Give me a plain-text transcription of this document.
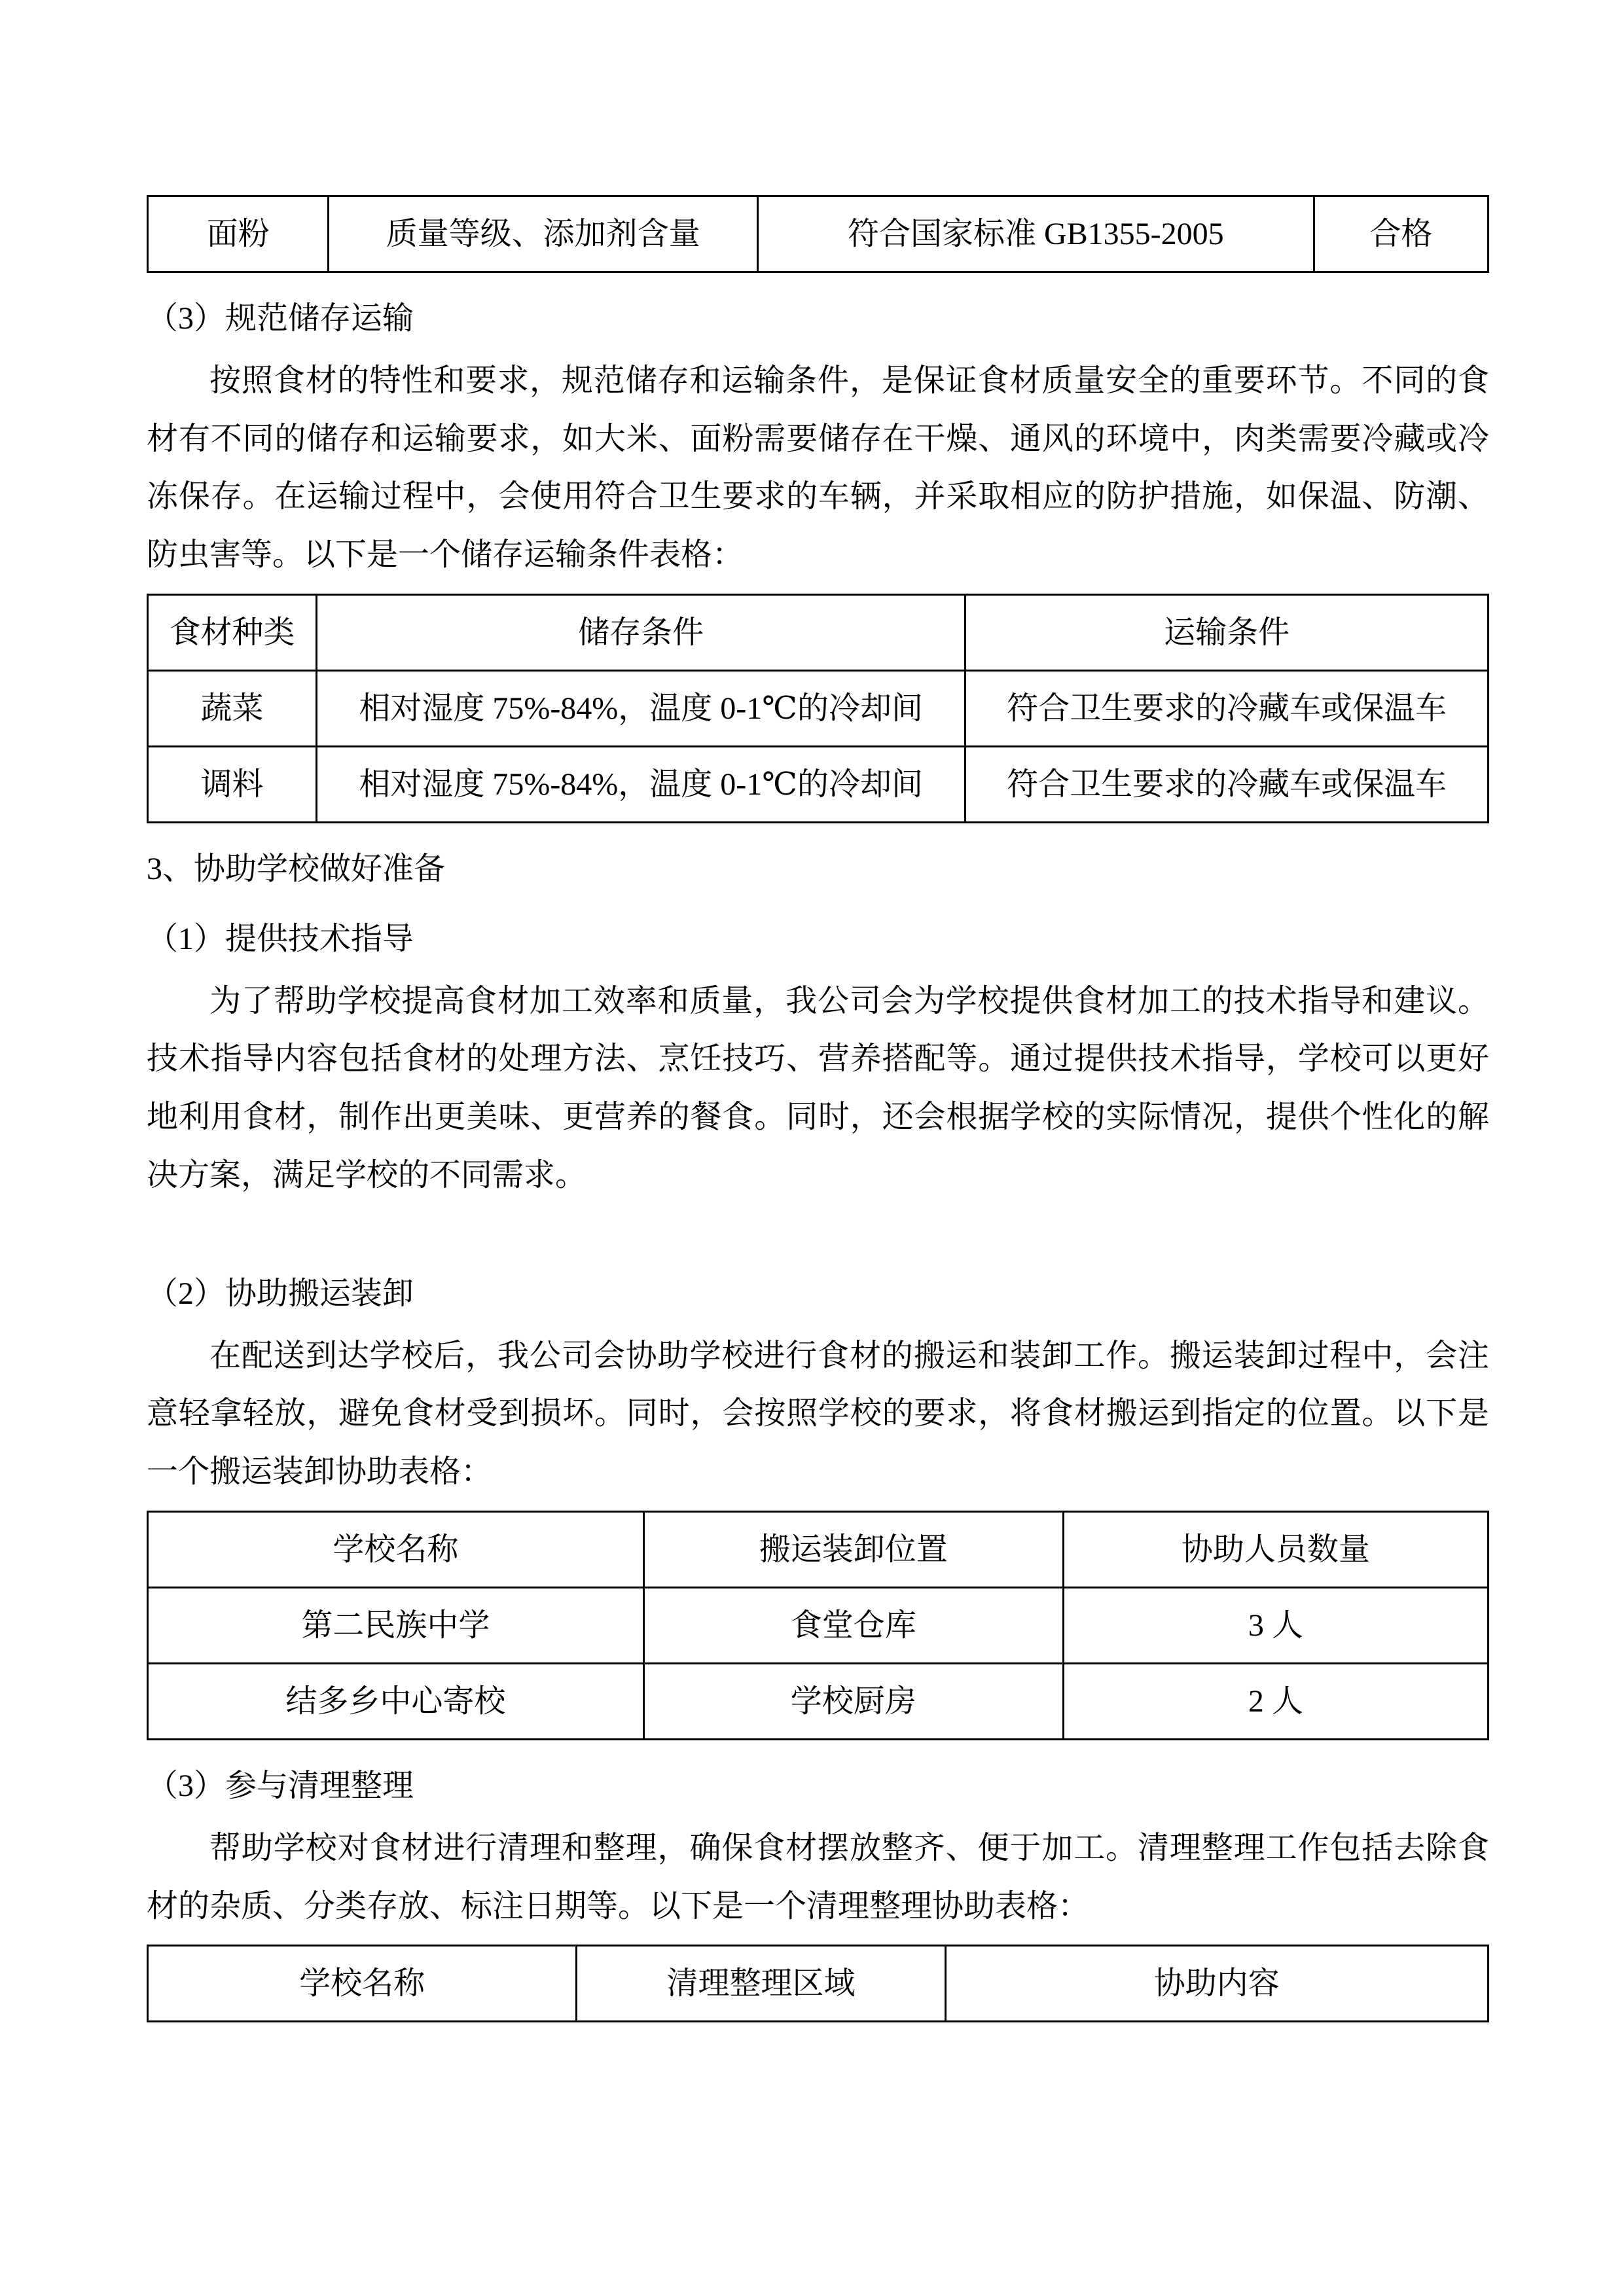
面粉	质量等级、添加剂含量	符合国家标准 GB1355-2005	合格

（3）规范储存运输

按照食材的特性和要求，规范储存和运输条件，是保证食材质量安全的重要环节。不同的食材有不同的储存和运输要求，如大米、面粉需要储存在干燥、通风的环境中，肉类需要冷藏或冷冻保存。在运输过程中，会使用符合卫生要求的车辆，并采取相应的防护措施，如保温、防潮、防虫害等。以下是一个储存运输条件表格：

食材种类	储存条件	运输条件
蔬菜	相对湿度 75%-84%，温度 0-1℃的冷却间	符合卫生要求的冷藏车或保温车
调料	相对湿度 75%-84%，温度 0-1℃的冷却间	符合卫生要求的冷藏车或保温车

3、协助学校做好准备

（1）提供技术指导

为了帮助学校提高食材加工效率和质量，我公司会为学校提供食材加工的技术指导和建议。技术指导内容包括食材的处理方法、烹饪技巧、营养搭配等。通过提供技术指导，学校可以更好地利用食材，制作出更美味、更营养的餐食。同时，还会根据学校的实际情况，提供个性化的解决方案，满足学校的不同需求。

（2）协助搬运装卸

在配送到达学校后，我公司会协助学校进行食材的搬运和装卸工作。搬运装卸过程中，会注意轻拿轻放，避免食材受到损坏。同时，会按照学校的要求，将食材搬运到指定的位置。以下是一个搬运装卸协助表格：

学校名称	搬运装卸位置	协助人员数量
第二民族中学	食堂仓库	3 人
结多乡中心寄校	学校厨房	2 人

（3）参与清理整理

帮助学校对食材进行清理和整理，确保食材摆放整齐、便于加工。清理整理工作包括去除食材的杂质、分类存放、标注日期等。以下是一个清理整理协助表格：

学校名称	清理整理区域	协助内容
